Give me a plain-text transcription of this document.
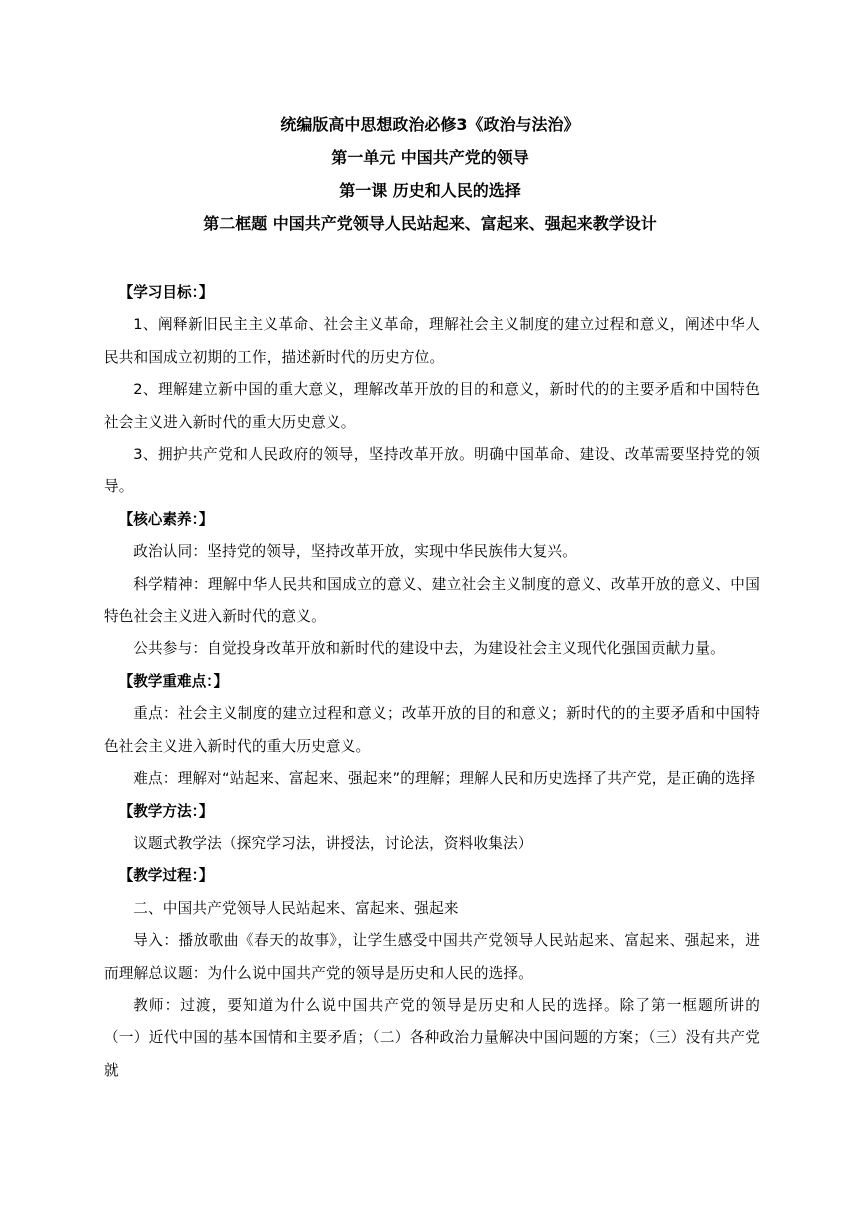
统编版高中思想政治必修3《政治与法治》
第一单元 中国共产党的领导
第一课 历史和人民的选择
第二框题 中国共产党领导人民站起来、富起来、强起来教学设计

【学习目标：】

1、阐释新旧民主主义革命、社会主义革命，理解社会主义制度的建立过程和意义，阐述中华人民共和国成立初期的工作，描述新时代的历史方位。

2、理解建立新中国的重大意义，理解改革开放的目的和意义，新时代的的主要矛盾和中国特色社会主义进入新时代的重大历史意义。

3、拥护共产党和人民政府的领导，坚持改革开放。明确中国革命、建设、改革需要坚持党的领导。

【核心素养：】

政治认同：坚持党的领导，坚持改革开放，实现中华民族伟大复兴。

科学精神：理解中华人民共和国成立的意义、建立社会主义制度的意义、改革开放的意义、中国特色社会主义进入新时代的意义。

公共参与：自觉投身改革开放和新时代的建设中去，为建设社会主义现代化强国贡献力量。

【教学重难点：】

重点：社会主义制度的建立过程和意义；改革开放的目的和意义；新时代的的主要矛盾和中国特色社会主义进入新时代的重大历史意义。

难点：理解对“站起来、富起来、强起来”的理解；理解人民和历史选择了共产党，是正确的选择

【教学方法：】

议题式教学法（探究学习法，讲授法，讨论法，资料收集法）

【教学过程：】

二、中国共产党领导人民站起来、富起来、强起来

导入：播放歌曲《春天的故事》，让学生感受中国共产党领导人民站起来、富起来、强起来，进而理解总议题：为什么说中国共产党的领导是历史和人民的选择。

教师：过渡，要知道为什么说中国共产党的领导是历史和人民的选择。除了第一框题所讲的（一）近代中国的基本国情和主要矛盾；（二）各种政治力量解决中国问题的方案；（三）没有共产党就
